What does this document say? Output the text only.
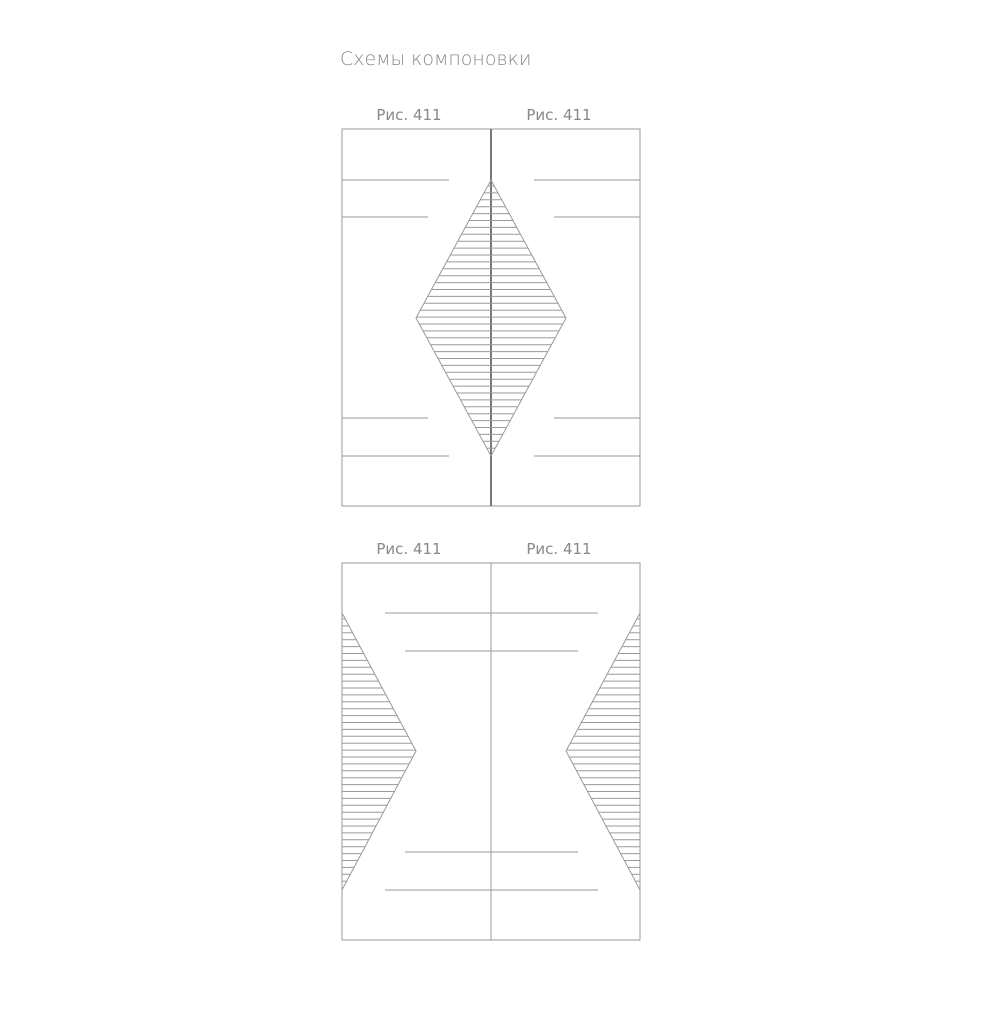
Схемы компоновки
Рис. 411	Рис. 411
Рис. 411	Рис. 411
